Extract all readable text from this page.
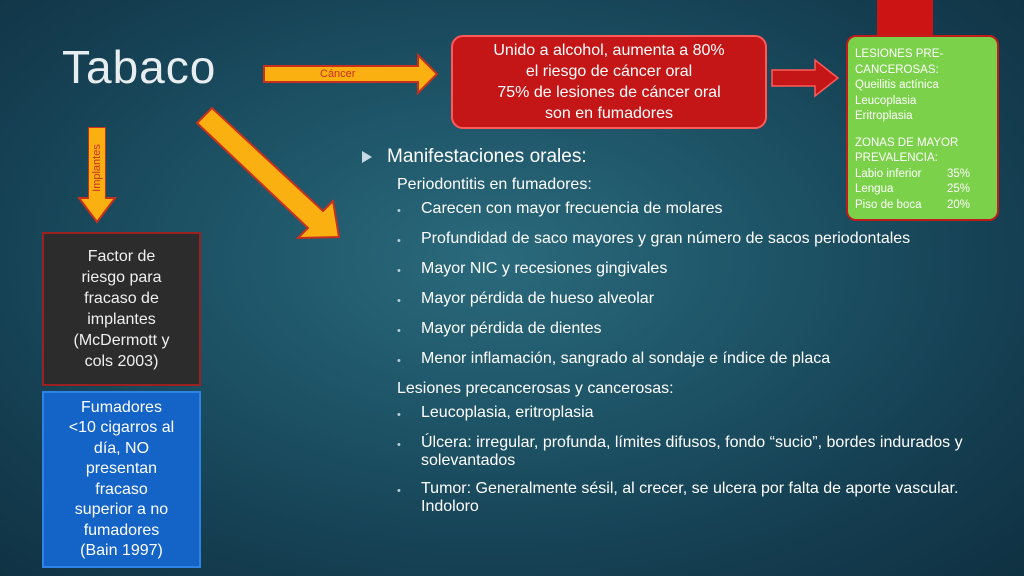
Tabaco	Cáncer
Implantes
Unido a alcohol, aumenta a 80%
el riesgo de cáncer oral
75% de lesiones de cáncer oral
son en fumadores
LESIONES PRE-
CANCEROSAS:
Queilitis actínica
Leucoplasia
Eritroplasia
ZONAS DE MAYOR
PREVALENCIA:
Labio inferior	35%
Lengua	25%
Piso de boca	20%
Factor de
riesgo para
fracaso de
implantes
(McDermott y
cols 2003)
Fumadores
<10 cigarros al
día, NO
presentan
fracaso
superior a no
fumadores
(Bain 1997)
Manifestaciones orales:
Periodontitis en fumadores:
•	Carecen con mayor frecuencia de molares
•	Profundidad de saco mayores y gran número de sacos periodontales
•	Mayor NIC y recesiones gingivales
•	Mayor pérdida de hueso alveolar
•	Mayor pérdida de dientes
•	Menor inflamación, sangrado al sondaje e índice de placa
Lesiones precancerosas y cancerosas:
•	Leucoplasia, eritroplasia
•	Úlcera: irregular, profunda, límites difusos, fondo “sucio”, bordes indurados y solevantados
•	Tumor: Generalmente sésil, al crecer, se ulcera por falta de aporte vascular. Indoloro
